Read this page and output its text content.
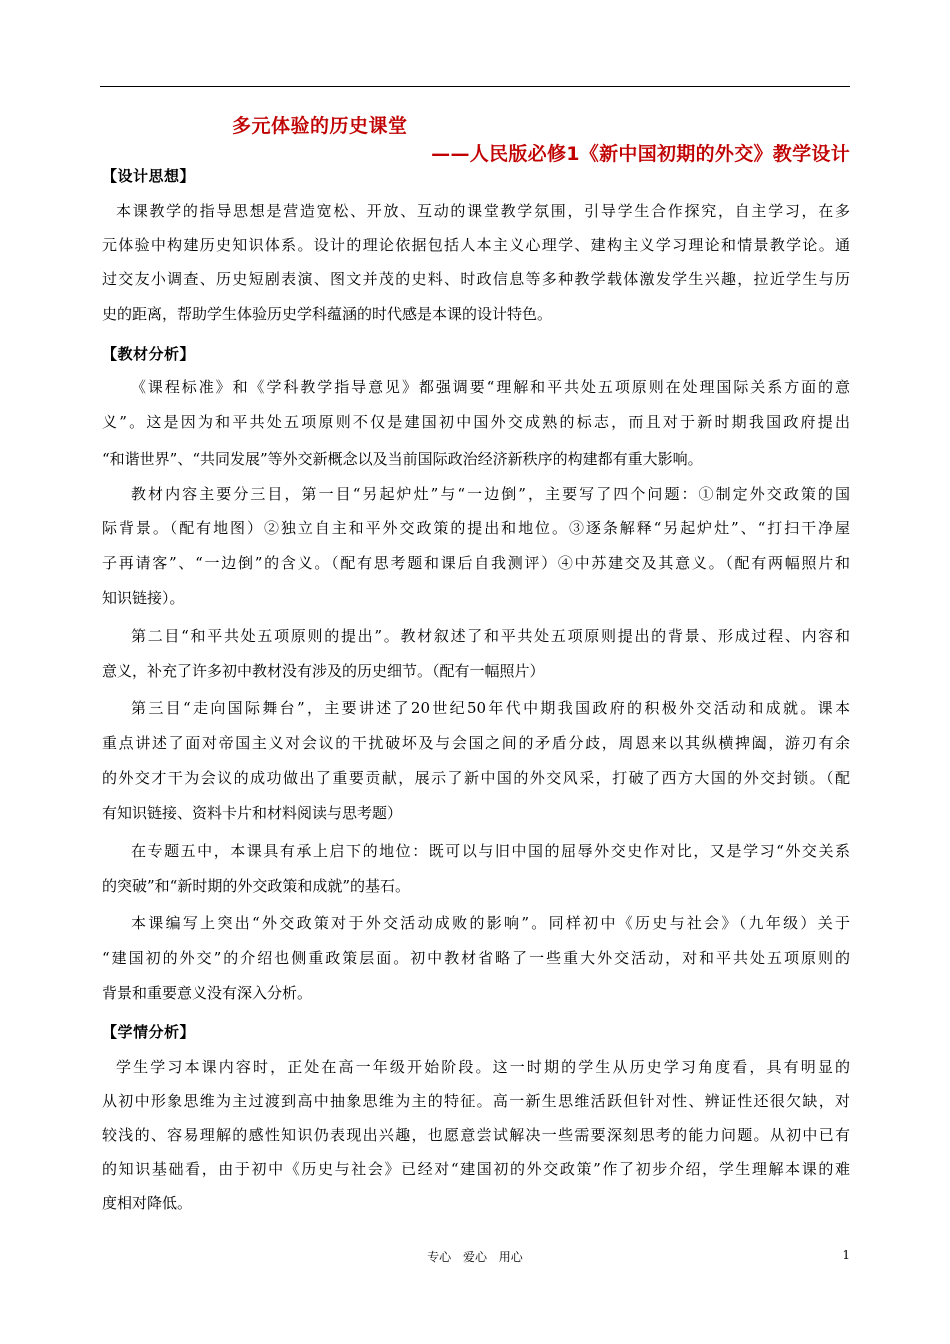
多元体验的历史课堂
——人民版必修1《新中国初期的外交》教学设计
【设计思想】
本课教学的指导思想是营造宽松、开放、互动的课堂教学氛围，引导学生合作探究，自主学习，在多
元体验中构建历史知识体系。设计的理论依据包括人本主义心理学、建构主义学习理论和情景教学论。通
过交友小调查、历史短剧表演、图文并茂的史料、时政信息等多种教学载体激发学生兴趣，拉近学生与历
史的距离，帮助学生体验历史学科蕴涵的时代感是本课的设计特色。
【教材分析】
《课程标准》和《学科教学指导意见》都强调要“理解和平共处五项原则在处理国际关系方面的意
义”。这是因为和平共处五项原则不仅是建国初中国外交成熟的标志，而且对于新时期我国政府提出
“和谐世界”、“共同发展”等外交新概念以及当前国际政治经济新秩序的构建都有重大影响。
教材内容主要分三目，第一目“另起炉灶”与“一边倒”，主要写了四个问题：①制定外交政策的国
际背景。（配有地图）②独立自主和平外交政策的提出和地位。③逐条解释“另起炉灶”、“打扫干净屋
子再请客”、“一边倒”的含义。（配有思考题和课后自我测评）④中苏建交及其意义。（配有两幅照片和
知识链接）。
第二目“和平共处五项原则的提出”。教材叙述了和平共处五项原则提出的背景、形成过程、内容和
意义，补充了许多初中教材没有涉及的历史细节。（配有一幅照片）
第三目“走向国际舞台”，主要讲述了20世纪50年代中期我国政府的积极外交活动和成就。课本
重点讲述了面对帝国主义对会议的干扰破坏及与会国之间的矛盾分歧，周恩来以其纵横捭阖，游刃有余
的外交才干为会议的成功做出了重要贡献，展示了新中国的外交风采，打破了西方大国的外交封锁。（配
有知识链接、资料卡片和材料阅读与思考题）
在专题五中，本课具有承上启下的地位：既可以与旧中国的屈辱外交史作对比，又是学习“外交关系
的突破”和“新时期的外交政策和成就”的基石。
本课编写上突出“外交政策对于外交活动成败的影响”。同样初中《历史与社会》（九年级）关于
“建国初的外交”的介绍也侧重政策层面。初中教材省略了一些重大外交活动，对和平共处五项原则的
背景和重要意义没有深入分析。
【学情分析】
学生学习本课内容时，正处在高一年级开始阶段。这一时期的学生从历史学习角度看，具有明显的
从初中形象思维为主过渡到高中抽象思维为主的特征。高一新生思维活跃但针对性、辨证性还很欠缺，对
较浅的、容易理解的感性知识仍表现出兴趣，也愿意尝试解决一些需要深刻思考的能力问题。从初中已有
的知识基础看，由于初中《历史与社会》已经对“建国初的外交政策”作了初步介绍，学生理解本课的难
度相对降低。
专心 爱心 用心	1
